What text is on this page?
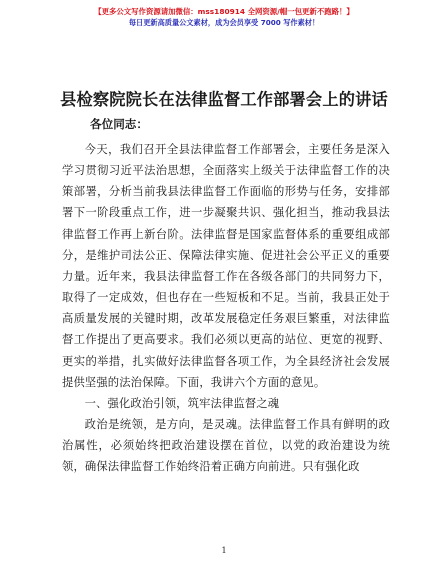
【更多公文写作资源请加微信：mss180914 全网资源/帽一包更新不跑路！】
每日更新高质量公文素材，成为会员享受 7000 写作素材！
县检察院院长在法律监督工作部署会上的讲话
各位同志：

今天，我们召开全县法律监督工作部署会，主要任务是深入学习贯彻习近平法治思想，全面落实上级关于法律监督工作的决策部署，分析当前我县法律监督工作面临的形势与任务，安排部署下一阶段重点工作，进一步凝聚共识、强化担当，推动我县法律监督工作再上新台阶。法律监督是国家监督体系的重要组成部分，是维护司法公正、保障法律实施、促进社会公平正义的重要力量。近年来，我县法律监督工作在各级各部门的共同努力下，取得了一定成效，但也存在一些短板和不足。当前，我县正处于高质量发展的关键时期，改革发展稳定任务艰巨繁重，对法律监督工作提出了更高要求。我们必须以更高的站位、更宽的视野、更实的举措，扎实做好法律监督各项工作，为全县经济社会发展提供坚强的法治保障。下面，我讲六个方面的意见。

一、强化政治引领，筑牢法律监督之魂

政治是统领，是方向，是灵魂。法律监督工作具有鲜明的政治属性，必须始终把政治建设摆在首位，以党的政治建设为统领，确保法律监督工作始终沿着正确方向前进。只有强化政

1
